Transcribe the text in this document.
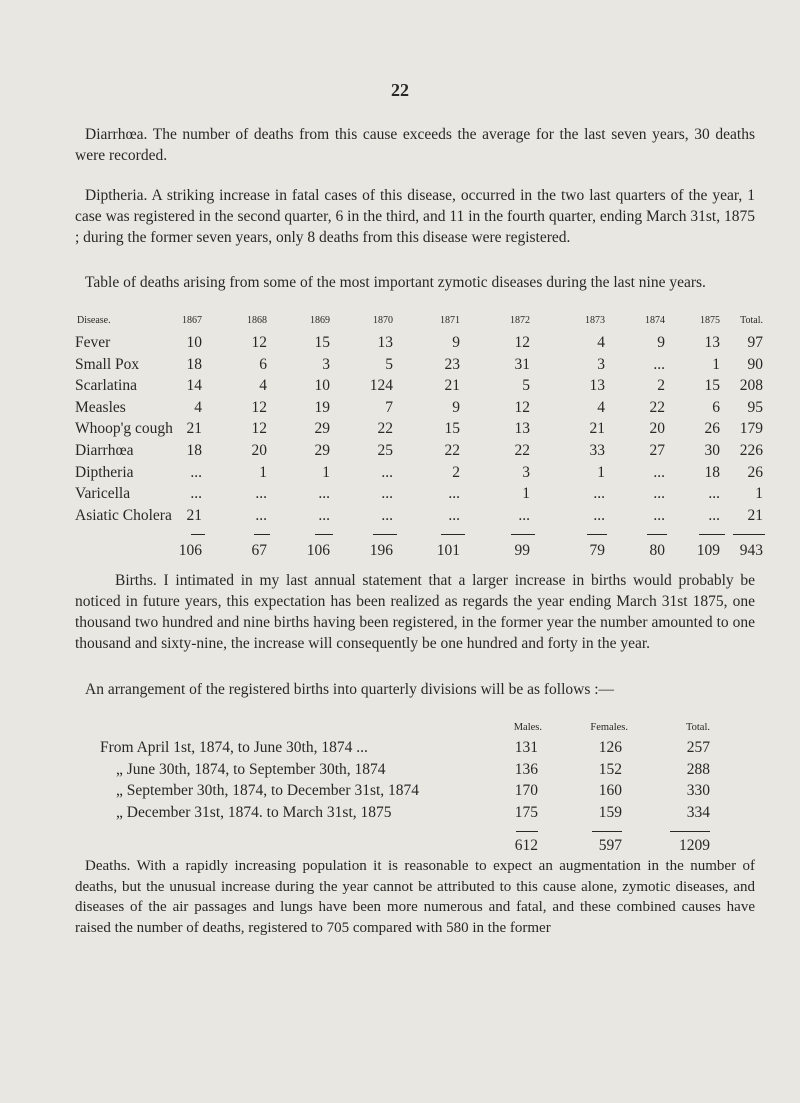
22

Diarrhœa. The number of deaths from this cause exceeds the average for the last seven years, 30 deaths were recorded.

Diptheria. A striking increase in fatal cases of this disease, occurred in the two last quarters of the year, 1 case was registered in the second quarter, 6 in the third, and 11 in the fourth quarter, ending March 31st, 1875 ; during the former seven years, only 8 deaths from this disease were registered.

Table of deaths arising from some of the most important zymotic diseases during the last nine years.

Disease.	1867	1868	1869	1870	1871	1872	1873	1874	1875 Total.
Fever	10	12	15	13	9	12	4	9	13 97
Small Pox	18	6	3	5	23	31	3	...	1 90
Scarlatina	14	4	10	124	21	5	13	2	15 208
Measles	4	12	19	7	9	12	4	22	6 95
Whoop'g cough 21	12	29	22	15	13	21	20	26 179
Diarrhœa	18	20	29	25	22	22	33	27	30 226
Diptheria	...	1	1	...	2	3	1	...	18 26
Varicella	...	...	...	...	...	1	...	...	... 1
Asiatic Cholera 21	...	...	...	...	...	...	...	... 21
106	67	106	196	101	99	79	80 109 943

Births. I intimated in my last annual statement that a larger increase in births would probably be noticed in future years, this expectation has been realized as regards the year ending March 31st 1875, one thousand two hundred and nine births having been registered, in the former year the number amounted to one thousand and sixty-nine, the increase will consequently be one hundred and forty in the year.

An arrangement of the registered births into quarterly divisions will be as follows :—

Males.	Females.	Total.
From April 1st, 1874, to June 30th, 1874 ...	131	126	257
„ June 30th, 1874, to September 30th, 1874	136	152	288
„ September 30th, 1874, to December 31st, 1874	170	160	330
„ December 31st, 1874. to March 31st, 1875	175	159	334
612	597	1209

Deaths. With a rapidly increasing population it is reasonable to expect an augmentation in the number of deaths, but the unusual increase during the year cannot be attributed to this cause alone, zymotic diseases, and diseases of the air passages and lungs have been more numerous and fatal, and these combined causes have raised the number of deaths, registered to 705 compared with 580 in the former
